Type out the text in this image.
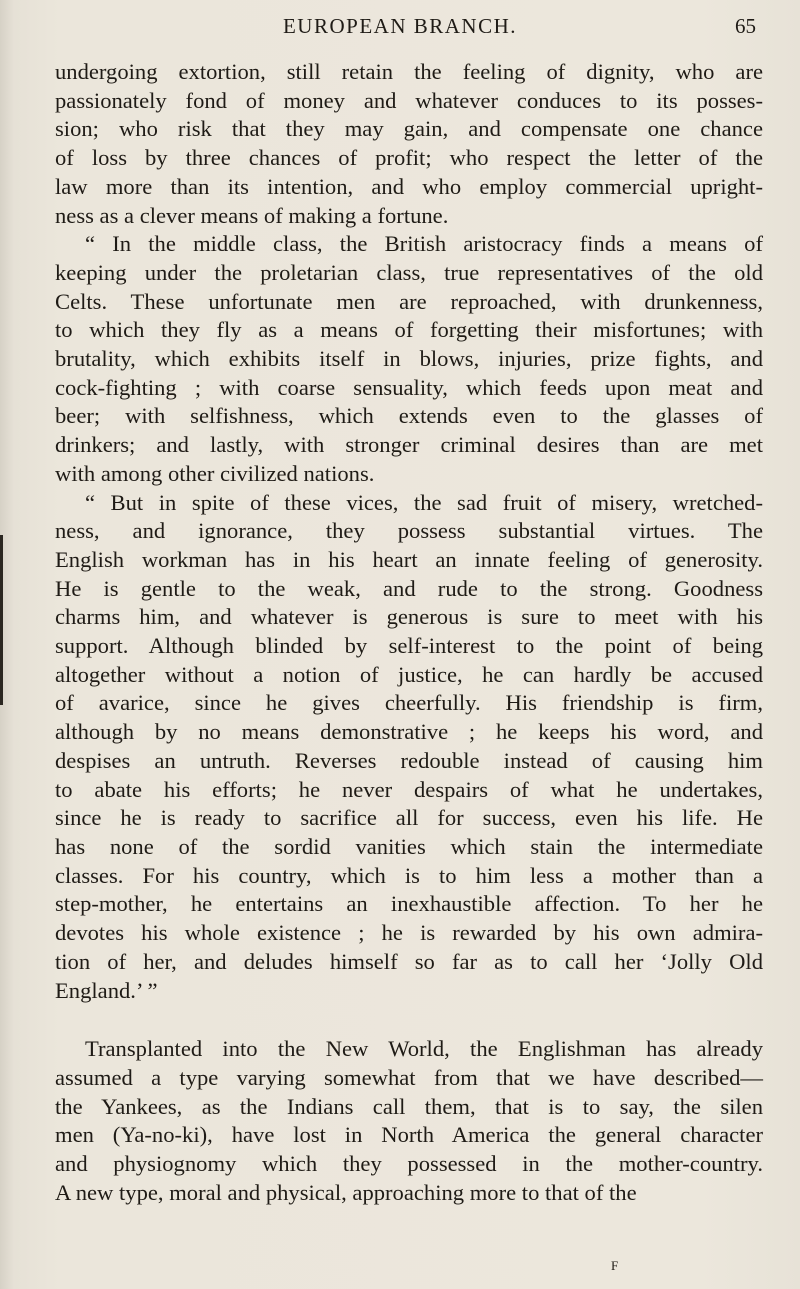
EUROPEAN BRANCH.	65

undergoing extortion, still retain the feeling of dignity, who are
passionately fond of money and whatever conduces to its posses-
sion; who risk that they may gain, and compensate one chance
of loss by three chances of profit; who respect the letter of the
law more than its intention, and who employ commercial upright-
ness as a clever means of making a fortune.

“ In the middle class, the British aristocracy finds a means of
keeping under the proletarian class, true representatives of the old
Celts. These unfortunate men are reproached, with drunkenness,
to which they fly as a means of forgetting their misfortunes; with
brutality, which exhibits itself in blows, injuries, prize fights, and
cock-fighting ; with coarse sensuality, which feeds upon meat and
beer; with selfishness, which extends even to the glasses of
drinkers; and lastly, with stronger criminal desires than are met
with among other civilized nations.

“ But in spite of these vices, the sad fruit of misery, wretched-
ness, and ignorance, they possess substantial virtues. The
English workman has in his heart an innate feeling of generosity.
He is gentle to the weak, and rude to the strong. Goodness
charms him, and whatever is generous is sure to meet with his
support. Although blinded by self-interest to the point of being
altogether without a notion of justice, he can hardly be accused
of avarice, since he gives cheerfully. His friendship is firm,
although by no means demonstrative ; he keeps his word, and
despises an untruth. Reverses redouble instead of causing him
to abate his efforts; he never despairs of what he undertakes,
since he is ready to sacrifice all for success, even his life. He
has none of the sordid vanities which stain the intermediate
classes. For his country, which is to him less a mother than a
step-mother, he entertains an inexhaustible affection. To her he
devotes his whole existence ; he is rewarded by his own admira-
tion of her, and deludes himself so far as to call her ‘Jolly Old
England.’ ”

Transplanted into the New World, the Englishman has already
assumed a type varying somewhat from that we have described—
the Yankees, as the Indians call them, that is to say, the silen
men (Ya-no-ki), have lost in North America the general character
and physiognomy which they possessed in the mother-country.
A new type, moral and physical, approaching more to that of the

F
